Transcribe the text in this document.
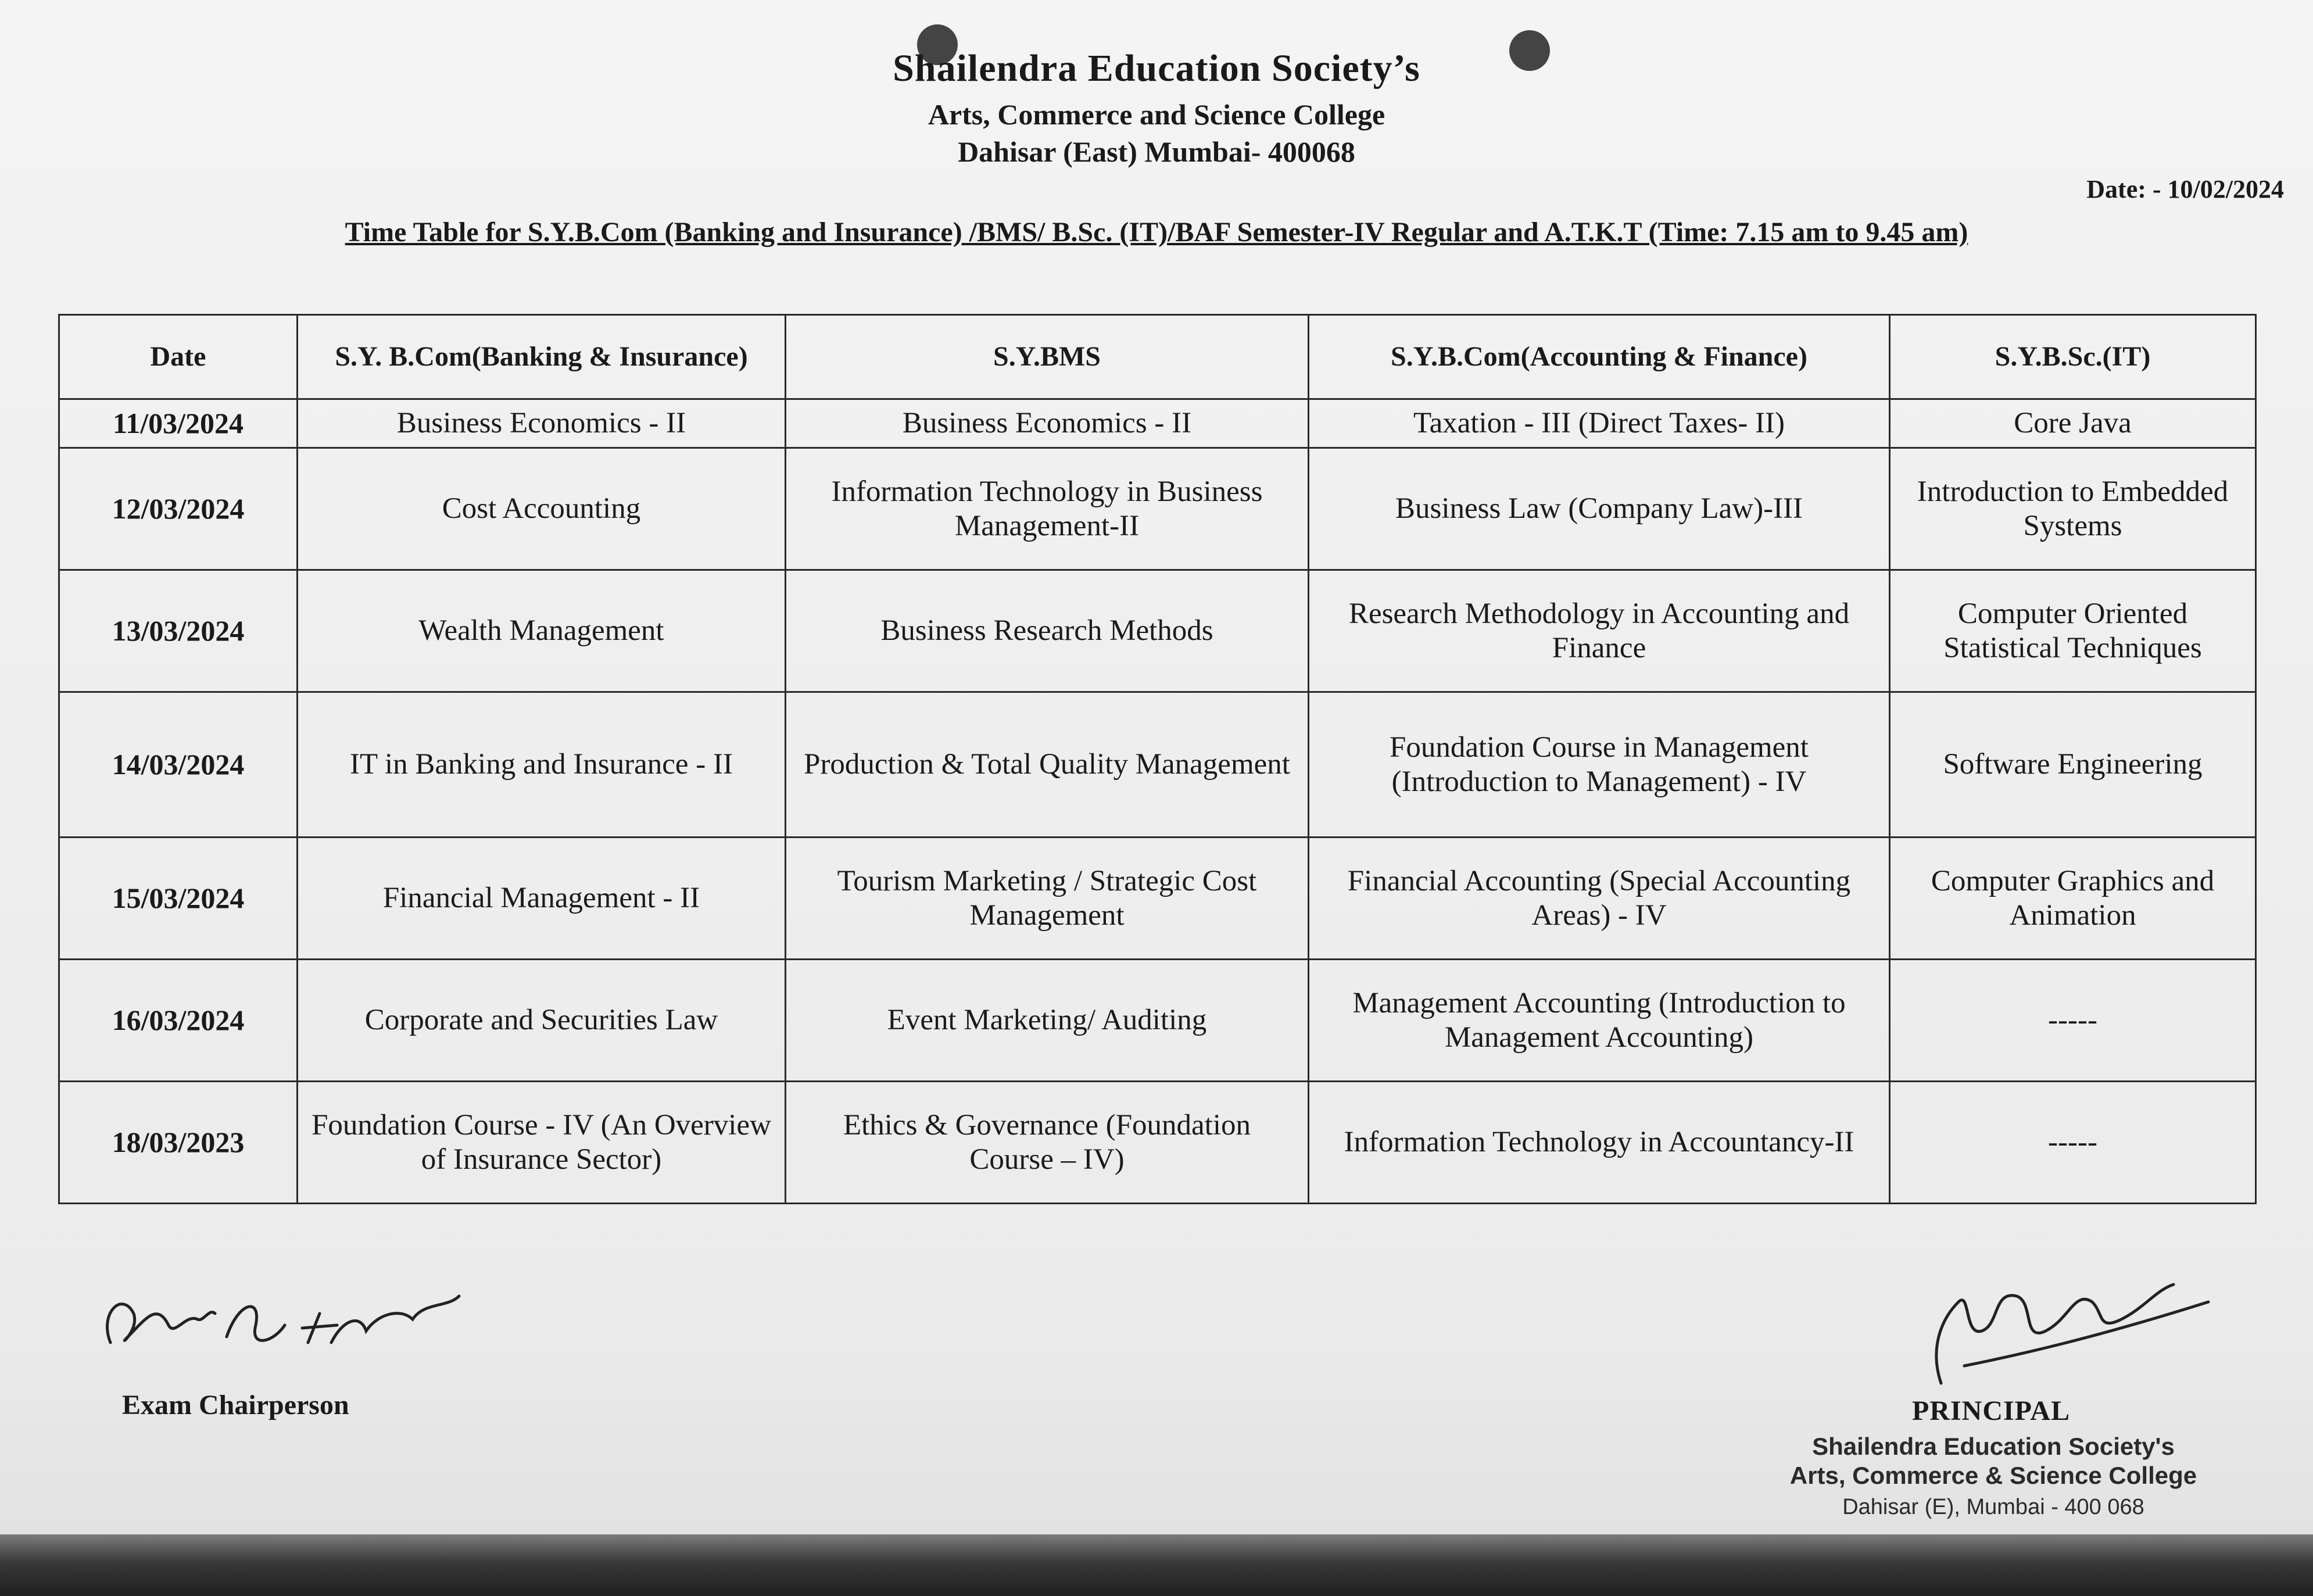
Shailendra Education Society’s
Arts, Commerce and Science College
Dahisar (East) Mumbai- 400068
Date: - 10/02/2024
Time Table for S.Y.B.Com (Banking and Insurance) /BMS/ B.Sc. (IT)/BAF Semester-IV Regular and A.T.K.T (Time: 7.15 am to 9.45 am)
Date	S.Y. B.Com(Banking & Insurance)	S.Y.BMS	S.Y.B.Com(Accounting & Finance)	S.Y.B.Sc.(IT)
11/03/2024	Business Economics - II	Business Economics - II	Taxation - III (Direct Taxes- II)	Core Java
12/03/2024	Cost Accounting	Information Technology in Business Management-II	Business Law (Company Law)-III	Introduction to Embedded Systems
13/03/2024	Wealth Management	Business Research Methods	Research Methodology in Accounting and Finance	Computer Oriented Statistical Techniques
14/03/2024	IT in Banking and Insurance - II	Production & Total Quality Management	Foundation Course in Management (Introduction to Management) - IV	Software Engineering
15/03/2024	Financial Management - II	Tourism Marketing / Strategic Cost Management	Financial Accounting (Special Accounting Areas) - IV	Computer Graphics and Animation
16/03/2024	Corporate and Securities Law	Event Marketing/ Auditing	Management Accounting (Introduction to Management Accounting)	-----
18/03/2023	Foundation Course - IV (An Overview of Insurance Sector)	Ethics & Governance (Foundation Course – IV)	Information Technology in Accountancy-II	-----
Exam Chairperson	PRINCIPAL
Shailendra Education Society's
Arts, Commerce & Science College
Dahisar (E), Mumbai - 400 068
